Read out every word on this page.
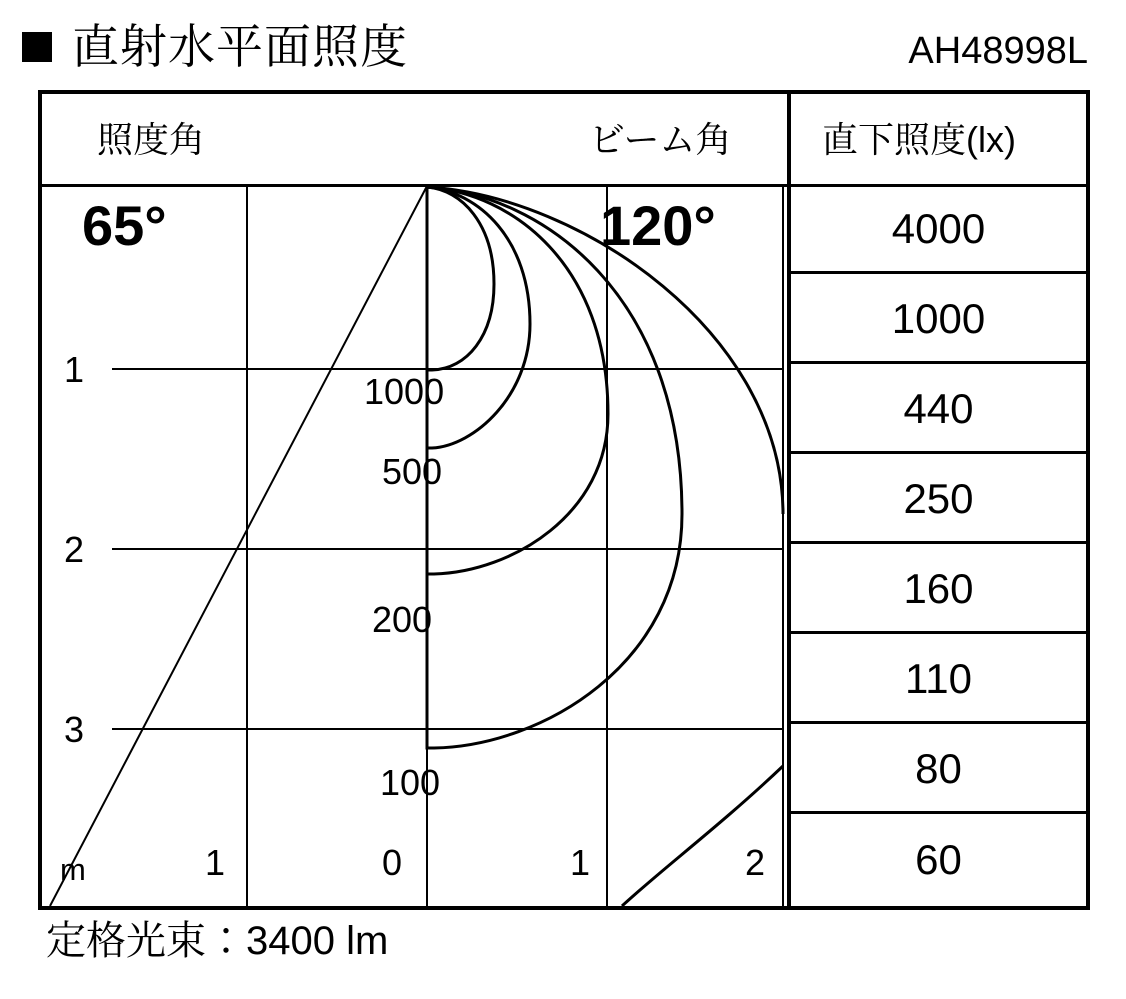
直射水平面照度	AH48998L
照度角	ビーム角	直下照度(lx)
65°	120°
1
2
3
m	1	0	1	2
1000
500
200
100
4000
1000
440
250
160
110
80
60
定格光束：3400 lm
